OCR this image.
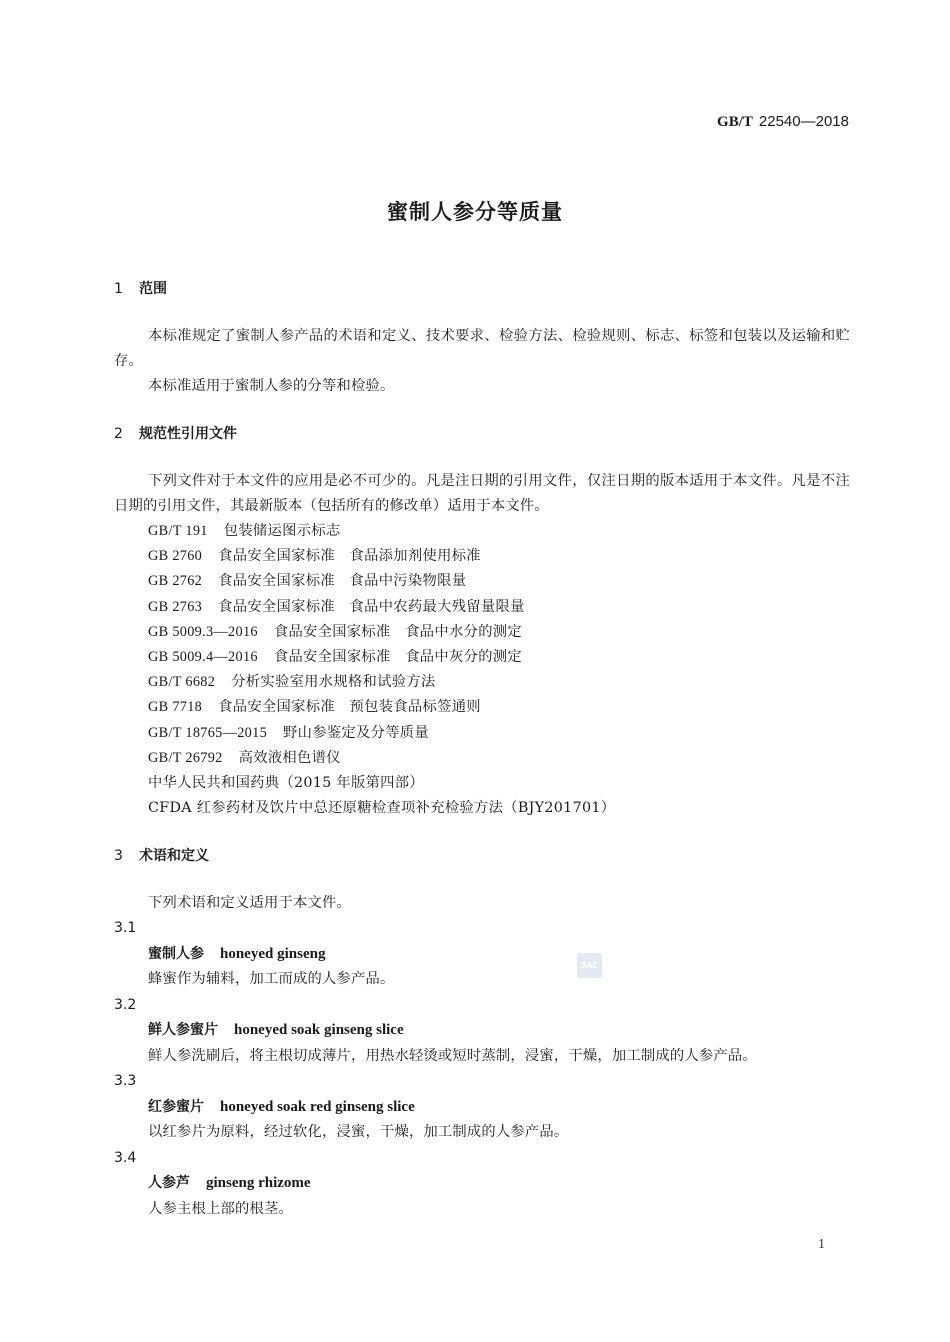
GB/T 22540—2018
蜜制人参分等质量
1 范围
本标准规定了蜜制人参产品的术语和定义、技术要求、检验方法、检验规则、标志、标签和包装以及运输和贮存。
本标准适用于蜜制人参的分等和检验。
2 规范性引用文件
下列文件对于本文件的应用是必不可少的。凡是注日期的引用文件，仅注日期的版本适用于本文件。凡是不注日期的引用文件，其最新版本（包括所有的修改单）适用于本文件。
GB/T 191 包装储运图示标志
GB 2760 食品安全国家标准　食品添加剂使用标准
GB 2762 食品安全国家标准　食品中污染物限量
GB 2763 食品安全国家标准　食品中农药最大残留量限量
GB 5009.3—2016 食品安全国家标准　食品中水分的测定
GB 5009.4—2016 食品安全国家标准　食品中灰分的测定
GB/T 6682 分析实验室用水规格和试验方法
GB 7718 食品安全国家标准　预包装食品标签通则
GB/T 18765—2015 野山参鉴定及分等质量
GB/T 26792 高效液相色谱仪
中华人民共和国药典（2015 年版第四部）
CFDA 红参药材及饮片中总还原糖检查项补充检验方法（BJY201701）
3 术语和定义
下列术语和定义适用于本文件。
3.1
蜜制人参 honeyed ginseng
蜂蜜作为辅料，加工而成的人参产品。
3.2
鲜人参蜜片 honeyed soak ginseng slice
鲜人参洗刷后，将主根切成薄片，用热水轻烫或短时蒸制，浸蜜，干燥，加工制成的人参产品。
3.3
红参蜜片 honeyed soak red ginseng slice
以红参片为原料，经过软化，浸蜜，干燥，加工制成的人参产品。
3.4
人参芦 ginseng rhizome
人参主根上部的根茎。
SAC
1
